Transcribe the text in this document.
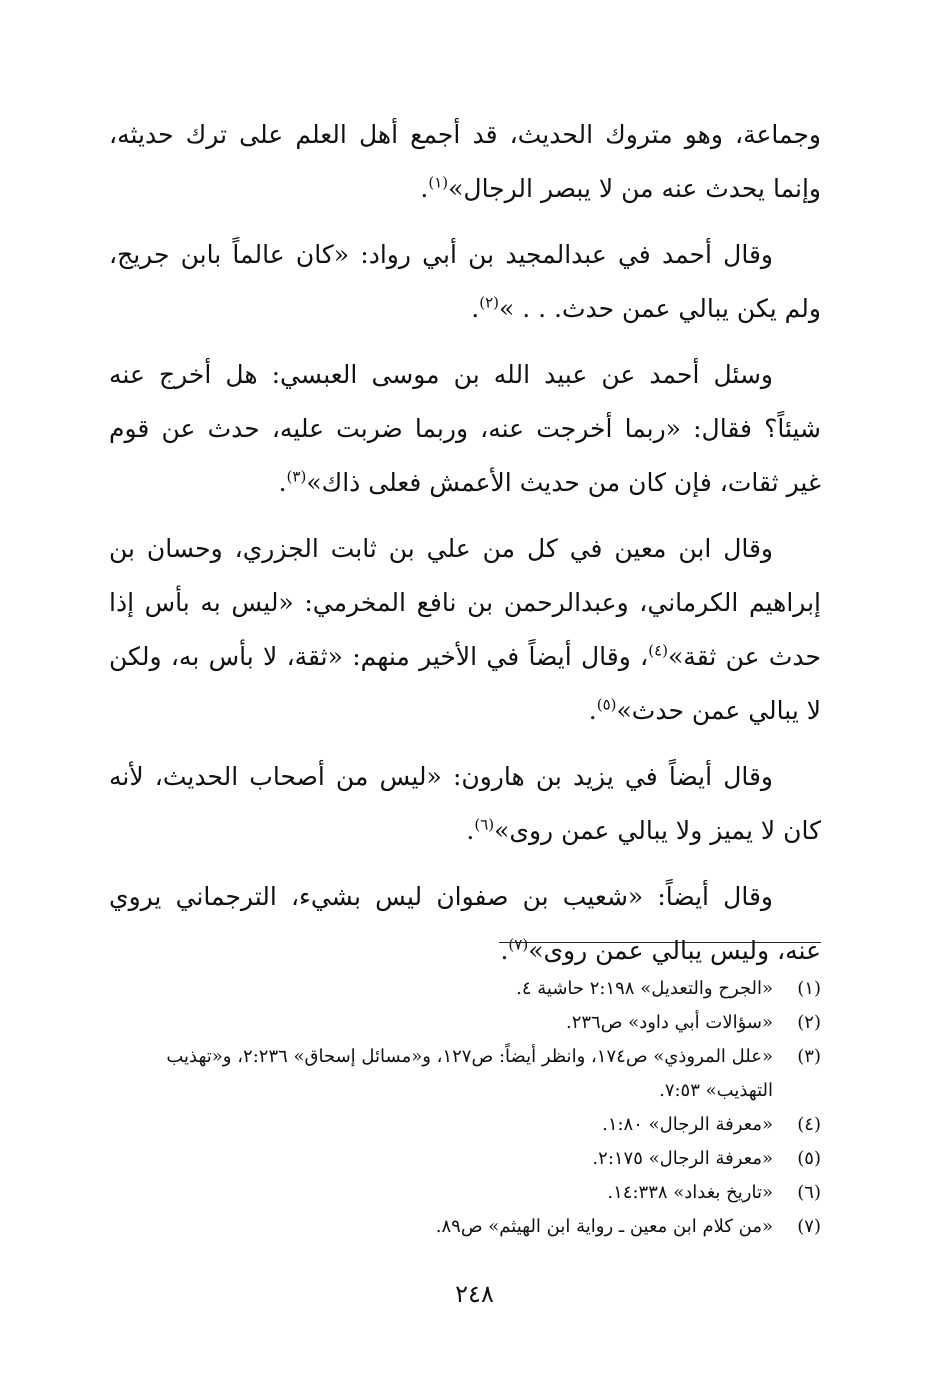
وجماعة، وهو متروك الحديث، قد أجمع أهل العلم على ترك حديثه، وإنما يحدث عنه من لا يبصر الرجال»$^{(١)}$.

وقال أحمد في عبدالمجيد بن أبي رواد: «كان عالماً بابن جريج، ولم يكن يبالي عمن حدث. . . »$^{(٢)}$.

وسئل أحمد عن عبيد الله بن موسى العبسي: هل أخرج عنه شيئاً؟ فقال: «ربما أخرجت عنه، وربما ضربت عليه، حدث عن قوم غير ثقات، فإن كان من حديث الأعمش فعلى ذاك»$^{(٣)}$.

وقال ابن معين في كل من علي بن ثابت الجزري، وحسان بن إبراهيم الكرماني، وعبدالرحمن بن نافع المخرمي: «ليس به بأس إذا حدث عن ثقة»$^{(٤)}$، وقال أيضاً في الأخير منهم: «ثقة، لا بأس به، ولكن لا يبالي عمن حدث»$^{(٥)}$.

وقال أيضاً في يزيد بن هارون: «ليس من أصحاب الحديث، لأنه كان لا يميز ولا يبالي عمن روى»$^{(٦)}$.

وقال أيضاً: «شعيب بن صفوان ليس بشيء، الترجماني يروي عنه، وليس يبالي عمن روى»$^{(٧)}$.

(١)
«الجرح والتعديل» ٢:١٩٨ حاشية ٤.
(٢)
«سؤالات أبي داود» ص٢٣٦.
(٣)
«علل المروذي» ص١٧٤، وانظر أيضاً: ص١٢٧، و«مسائل إسحاق» ٢:٢٣٦، و«تهذيب التهذيب» ٧:٥٣.
(٤)
«معرفة الرجال» ١:٨٠.
(٥)
«معرفة الرجال» ٢:١٧٥.
(٦)
«تاريخ بغداد» ١٤:٣٣٨.
(٧)
«من كلام ابن معين ـ رواية ابن الهيثم» ص٨٩.
٢٤٨
